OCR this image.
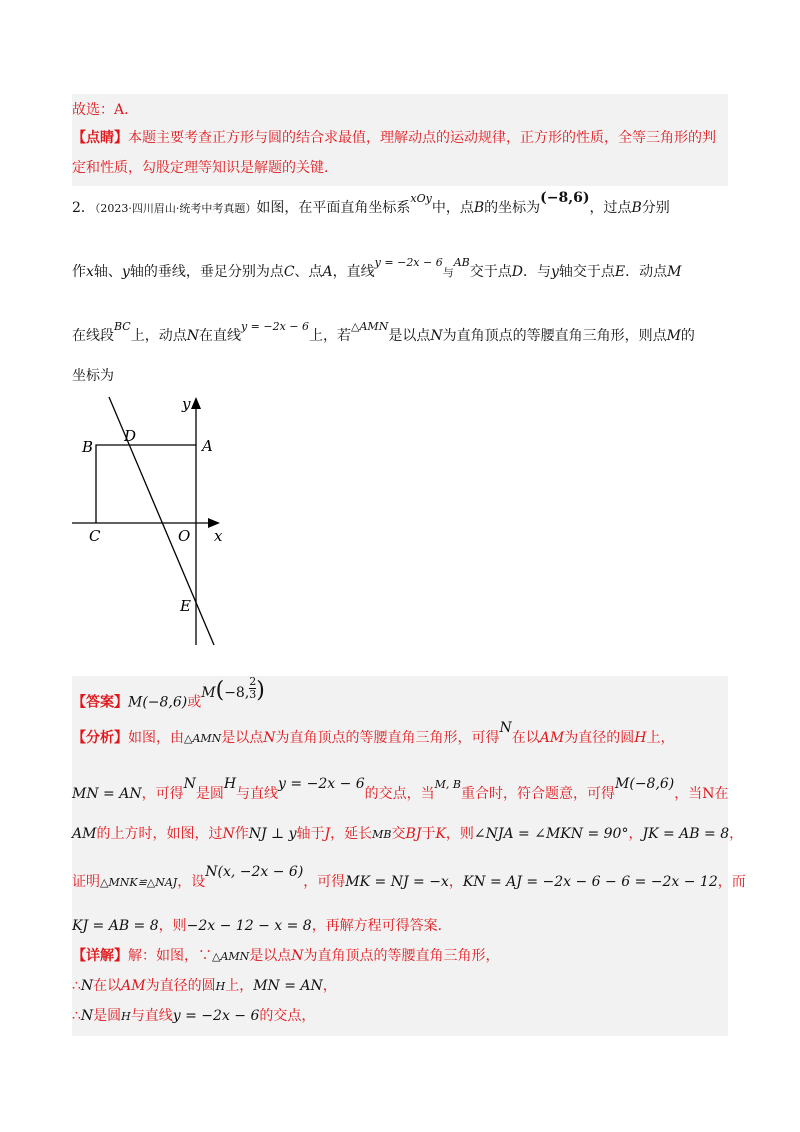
故选：A．
【点睛】本题主要考查正方形与圆的结合求最值，理解动点的运动规律，正方形的性质，全等三角形的判
定和性质，勾股定理等知识是解题的关键．
2．（2023·四川眉山·统考中考真题）如图，在平面直角坐标系$^{xOy}$中，点B的坐标为(−8,6)，过点B分别
作x轴、y轴的垂线，垂足分别为点C、点A，直线$^{y = -2x - 6}$与$^{AB}$交于点D．与y轴交于点E．动点M
在线段$^{BC}$上，动点N在直线$^{y = -2x - 6}$上，若$^{\triangle AMN}$是以点N为直角顶点的等腰直角三角形，则点M的
坐标为
B
D
A
y
C	O x
E
【答案】M(−8,6)或M(−8, $\frac{2}{3}$ )
【分析】如图，由△AMN是以点N为直角顶点的等腰直角三角形，可得N在以AM为直径的圆H上，
MN = AN，可得N是圆H与直线y = −2x − 6的交点，当$^{M, B}$重合时，符合题意，可得M(−8,6)，当N在
AM的上方时，如图，过N作NJ ⊥ y轴于J，延长MB交BJ于K，则∠NJA = ∠MKN = 90°，JK = AB = 8，
证明△MNK≌△NAJ，设N(x, −2x − 6)，可得MK = NJ = −x，KN = AJ = −2x − 6 − 6 = −2x − 12，而
KJ = AB = 8，则−2x − 12 − x = 8，再解方程可得答案．
【详解】解：如图，∵△AMN是以点N为直角顶点的等腰直角三角形，
∴N在以AM为直径的圆H上，MN = AN，
∴N是圆H与直线y = −2x − 6的交点，
